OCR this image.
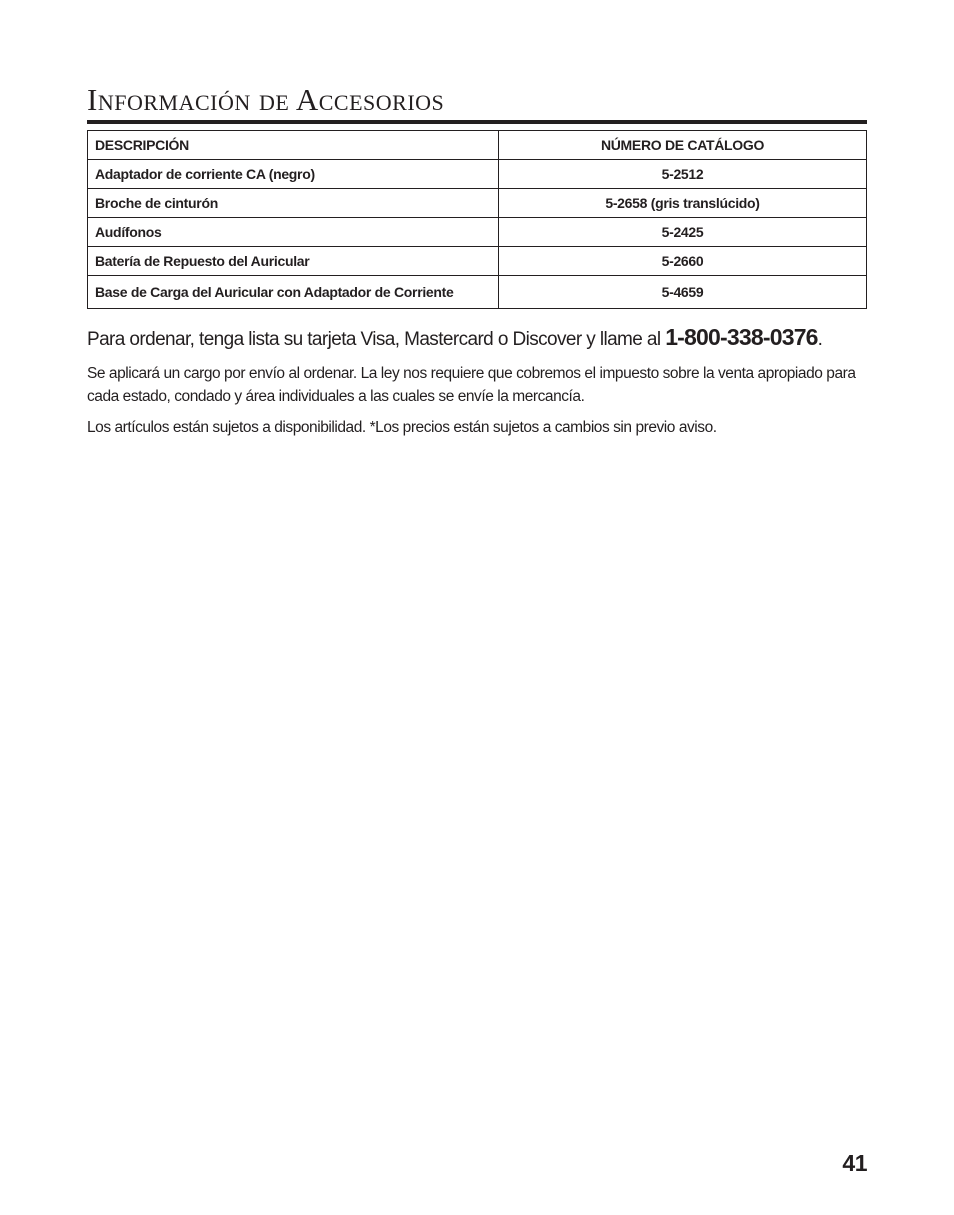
Información de Accesorios
DESCRIPCIÓN	NÚMERO DE CATÁLOGO
Adaptador de corriente CA (negro)	5-2512
Broche de cinturón	5-2658 (gris translúcido)
Audífonos	5-2425
Batería de Repuesto del Auricular	5-2660
Base de Carga del Auricular con Adaptador de Corriente	5-4659

Para ordenar, tenga lista su tarjeta Visa, Mastercard o Discover y llame al 1-800-338-0376.

Se aplicará un cargo por envío al ordenar. La ley nos requiere que cobremos el impuesto sobre la venta apropiado para cada estado, condado y área individuales a las cuales se envíe la mercancía.

Los artículos están sujetos a disponibilidad. *Los precios están sujetos a cambios sin previo aviso.

41
